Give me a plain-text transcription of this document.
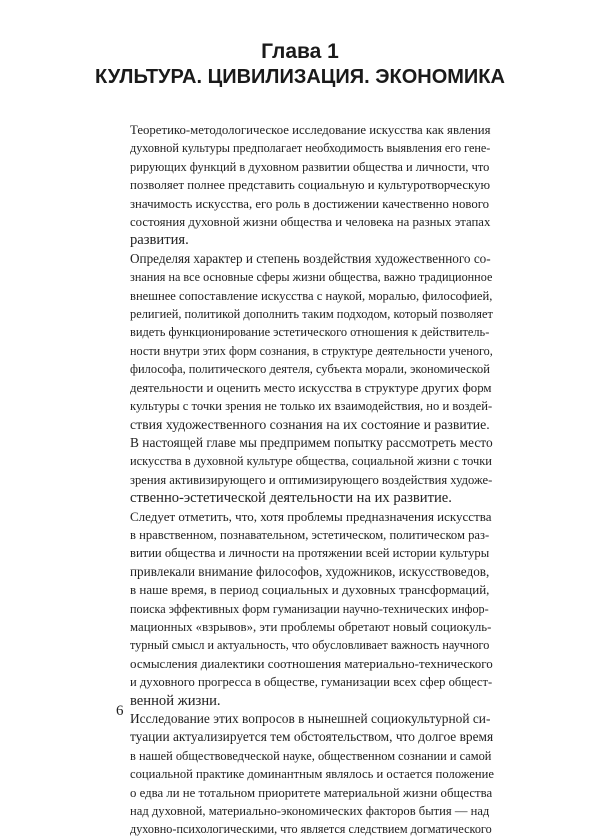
Глава 1
КУЛЬТУРА. ЦИВИЛИЗАЦИЯ. ЭКОНОМИКА

Теоретико-методологическое исследование искусства как явления
духовной культуры предполагает необходимость выявления его гене-
рирующих функций в духовном развитии общества и личности, что
позволяет полнее представить социальную и культуротворческую
значимость искусства, его роль в достижении качественно нового
состояния духовной жизни общества и человека на разных этапах
развития.

Определяя характер и степень воздействия художественного со-
знания на все основные сферы жизни общества, важно традиционное
внешнее сопоставление искусства с наукой, моралью, философией,
религией, политикой дополнить таким подходом, который позволяет
видеть функционирование эстетического отношения к действитель-
ности внутри этих форм сознания, в структуре деятельности ученого,
философа, политического деятеля, субъекта морали, экономической
деятельности и оценить место искусства в структуре других форм
культуры с точки зрения не только их взаимодействия, но и воздей-
ствия художественного сознания на их состояние и развитие.

В настоящей главе мы предпримем попытку рассмотреть место
искусства в духовной культуре общества, социальной жизни с точки
зрения активизирующего и оптимизирующего воздействия художе-
ственно-эстетической деятельности на их развитие.

Следует отметить, что, хотя проблемы предназначения искусства
в нравственном, познавательном, эстетическом, политическом раз-
витии общества и личности на протяжении всей истории культуры
привлекали внимание философов, художников, искусствоведов,
в наше время, в период социальных и духовных трансформаций,
поиска эффективных форм гуманизации научно-технических инфор-
мационных «взрывов», эти проблемы обретают новый социокуль-
турный смысл и актуальность, что обусловливает важность научного
осмысления диалектики соотношения материально-технического
и духовного прогресса в обществе, гуманизации всех сфер общест-
венной жизни.

Исследование этих вопросов в нынешней социокультурной си-
туации актуализируется тем обстоятельством, что долгое время
в нашей обществоведческой науке, общественном сознании и самой
социальной практике доминантным являлось и остается положение
о едва ли не тотальном приоритете материальной жизни общества
над духовной, материально-экономических факторов бытия — над
духовно-психологическими, что является следствием догматического

6
